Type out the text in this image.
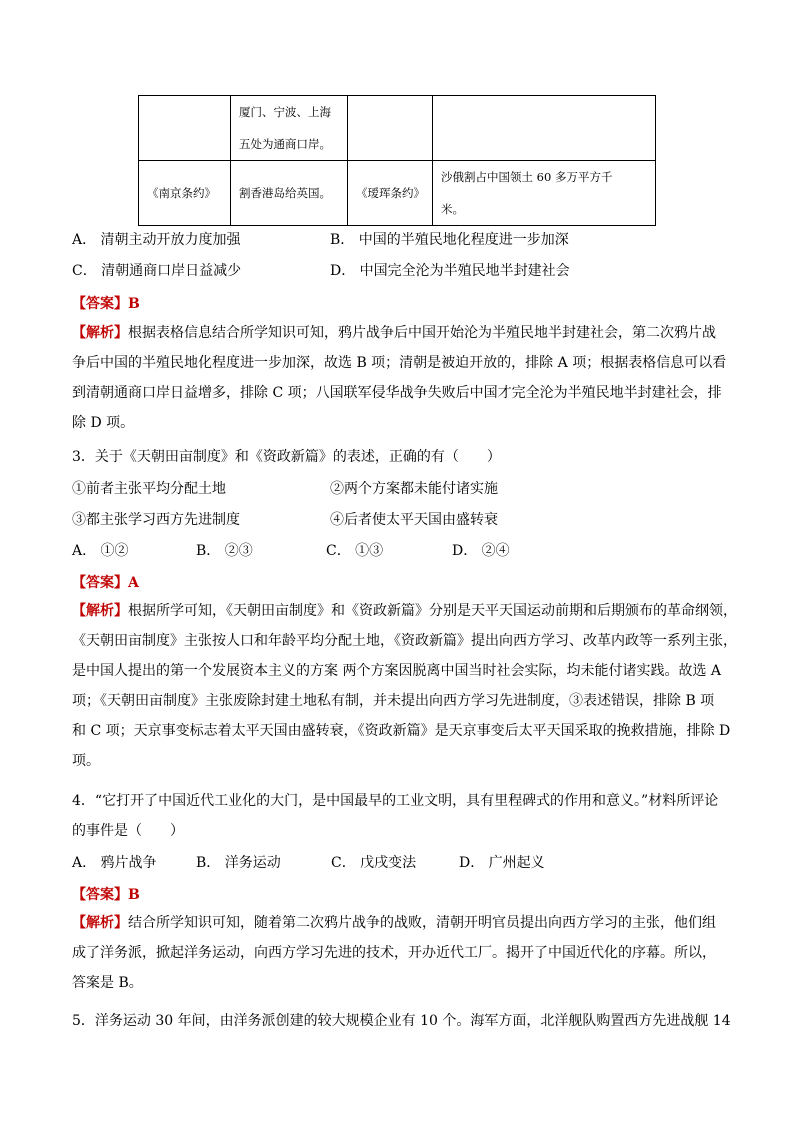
	厦门、宁波、上海
五处为通商口岸。		

《南京条约》	割香港岛给英国。	《瑷珲条约》	沙俄割占中国领土 60 多万平方千
米。
A． 清朝主动开放力度加强	B． 中国的半殖民地化程度进一步加深
C． 清朝通商口岸日益减少	D． 中国完全沦为半殖民地半封建社会
【答案】B

【解析】根据表格信息结合所学知识可知，鸦片战争后中国开始沦为半殖民地半封建社会，第二次鸦片战

争后中国的半殖民地化程度进一步加深，故选 B 项；清朝是被迫开放的，排除 A 项；根据表格信息可以看

到清朝通商口岸日益增多，排除 C 项；八国联军侵华战争失败后中国才完全沦为半殖民地半封建社会，排

除 D 项。

3．关于《天朝田亩制度》和《资政新篇》的表述，正确的有（　　）
①前者主张平均分配土地	②两个方案都未能付诸实施
③都主张学习西方先进制度	④后者使太平天国由盛转衰
A． ①②	B． ②③	C． ①③	D． ②④
【答案】A

【解析】根据所学可知，《天朝田亩制度》和《资政新篇》分别是天平天国运动前期和后期颁布的革命纲领，

《天朝田亩制度》主张按人口和年龄平均分配土地，《资政新篇》提出向西方学习、改革内政等一系列主张，

是中国人提出的第一个发展资本主义的方案 两个方案因脱离中国当时社会实际，均未能付诸实践。故选 A

项；《天朝田亩制度》主张废除封建土地私有制，并未提出向西方学习先进制度，③表述错误，排除 B 项

和 C 项；天京事变标志着太平天国由盛转衰，《资政新篇》是天京事变后太平天国采取的挽救措施，排除 D

项。

4．“它打开了中国近代工业化的大门，是中国最早的工业文明，具有里程碑式的作用和意义。”材料所评论

的事件是（　　）

A． 鸦片战争	B． 洋务运动	C． 戊戌变法	D． 广州起义
【答案】B

【解析】结合所学知识可知，随着第二次鸦片战争的战败，清朝开明官员提出向西方学习的主张，他们组

成了洋务派，掀起洋务运动，向西方学习先进的技术，开办近代工厂。揭开了中国近代化的序幕。所以，

答案是 B。

5．洋务运动 30 年间，由洋务派创建的较大规模企业有 10 个。海军方面，北洋舰队购置西方先进战舰 14
